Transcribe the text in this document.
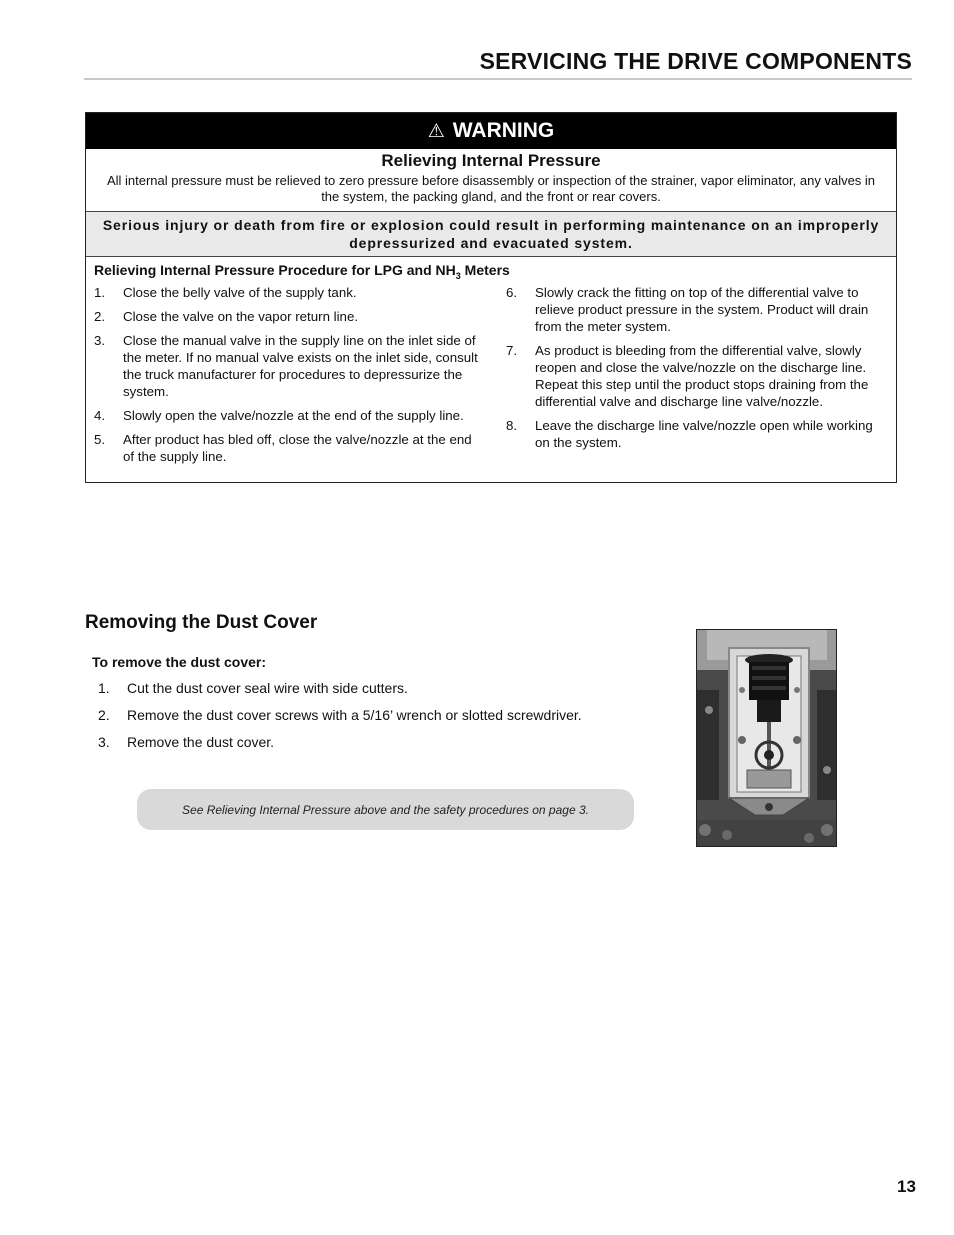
SERVICING THE DRIVE COMPONENTS
⚠ WARNING
Relieving Internal Pressure
All internal pressure must be relieved to zero pressure before disassembly or inspection of the strainer, vapor eliminator, any valves in the system, the packing gland, and the front or rear covers.
Serious injury or death from fire or explosion could result in performing maintenance on an improperly depressurized and evacuated system.
Relieving Internal Pressure Procedure for LPG and $NH_3$ Meters
1.	Close the belly valve of the supply tank.
2.	Close the valve on the vapor return line.
3.	Close the manual valve in the supply line on the inlet side of the meter. If no manual valve exists on the inlet side, consult the truck manufacturer for procedures to depressurize the system.
4.	Slowly open the valve/nozzle at the end of the supply line.
5.	After product has bled off, close the valve/nozzle at the end of the supply line.
6.	Slowly crack the fitting on top of the differential valve to relieve product pressure in the system. Product will drain from the meter system.
7.	As product is bleeding from the differential valve, slowly reopen and close the valve/nozzle on the discharge line. Repeat this step until the product stops draining from the differential valve and discharge line valve/nozzle.
8.	Leave the discharge line valve/nozzle open while working on the system.
Removing the Dust Cover
To remove the dust cover:
1.	Cut the dust cover seal wire with side cutters.
2.	Remove the dust cover screws with a 5/16’ wrench or slotted screwdriver.
3.	Remove the dust cover.
See Relieving Internal Pressure above and the safety procedures on page 3.
13
